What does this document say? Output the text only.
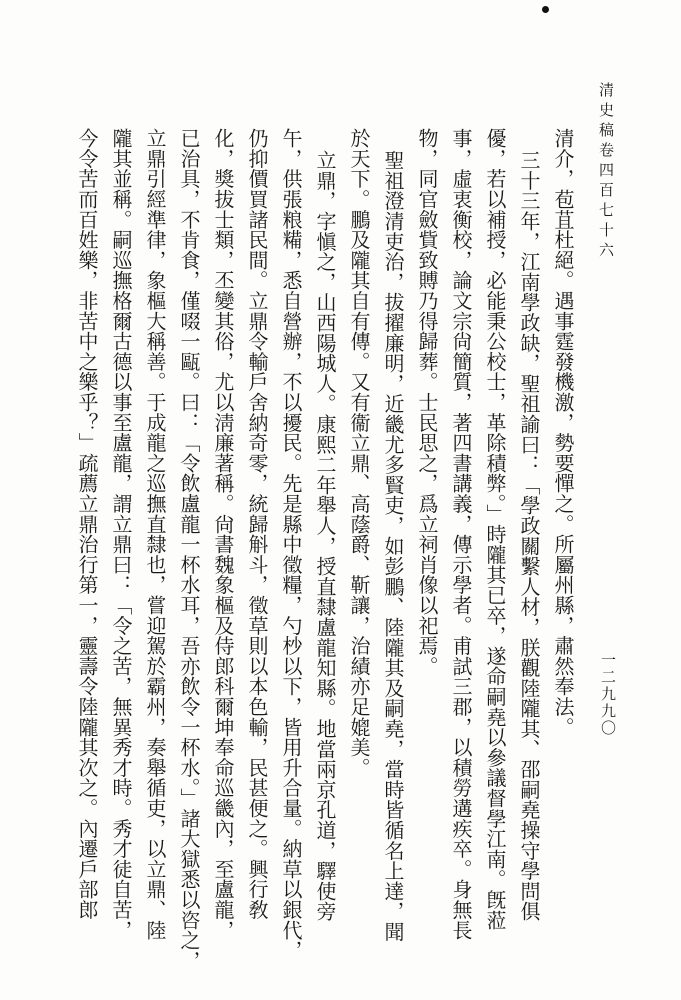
清史稿卷四百七十六
一二九九〇

清介，苞苴杜絕。遇事霆發機激，勢要憚之。所屬州縣，肅然奉法。

三十三年，江南學政缺，聖祖諭曰：「學政關繫人材，朕觀陸隴其、邵嗣堯操守學問俱

優，若以補授，必能秉公校士，革除積弊。」時隴其已卒，遂命嗣堯以參議督學江南。旣蒞

事，虛衷衡校，論文宗尙簡質，著四書講義，傳示學者。甫試三郡，以積勞遘疾卒。身無長

物，同官斂貲致賻乃得歸葬。士民思之，爲立祠肖像以祀焉。

聖祖澄清吏治，拔擢廉明，近畿尤多賢吏，如彭鵬、陸隴其及嗣堯，當時皆循名上達，聞

於天下。鵬及隴其自有傳。又有衞立鼎、高蔭爵、靳讓，治績亦足媲美。

立鼎，字愼之，山西陽城人。康熙二年舉人，授直隸盧龍知縣。地當兩京孔道，驛使旁

午，供張粮糒，悉自營辦，不以擾民。先是縣中徵糧，勺杪以下，皆用升合量。納草以銀代，

仍抑價買諸民間。立鼎令輸戶舍納奇零，統歸斛斗，徵草則以本色輸，民甚便之。興行敎

化，獎拔士類，丕變其俗，尤以淸廉著稱。尙書魏象樞及侍郎科爾坤奉命巡畿內，至盧龍，

已治具，不肯食，僅啜一甌。曰：「令飲盧龍一杯水耳，吾亦飲令一杯水。」諸大獄悉以咨之，

立鼎引經準律，象樞大稱善。于成龍之巡撫直隸也，嘗迎駕於霸州，奏舉循吏，以立鼎、陸

隴其並稱。嗣巡撫格爾古德以事至盧龍，謂立鼎曰：「令之苦，無異秀才時。秀才徒自苦，

今令苦而百姓樂，非苦中之樂乎？」疏薦立鼎治行第一，靈壽令陸隴其次之。內遷戶部郎
